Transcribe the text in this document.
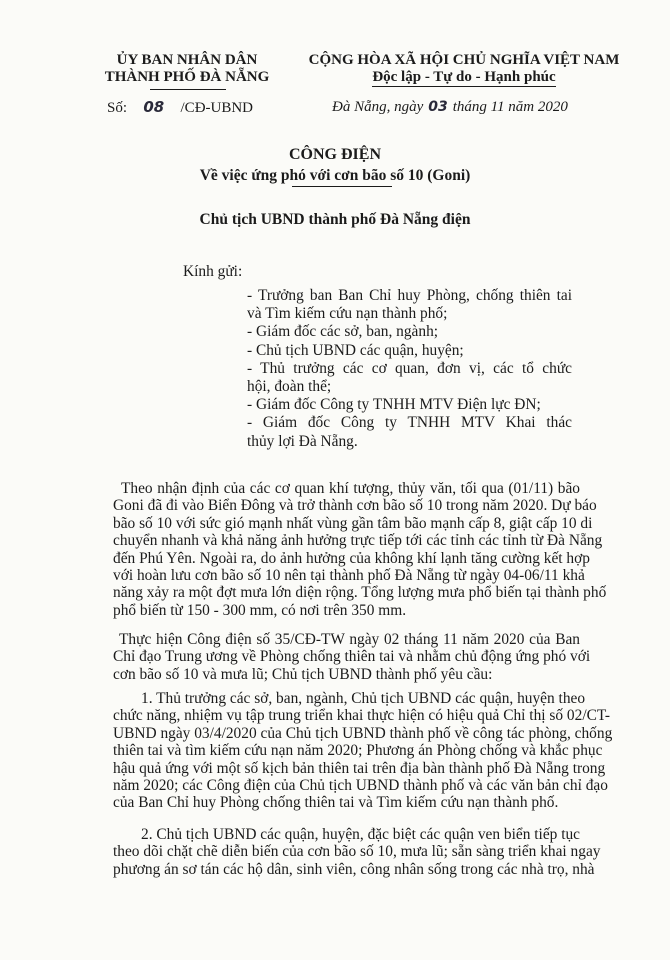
ỦY BAN NHÂN DÂN
THÀNH PHỐ ĐÀ NẴNG
Số: 08 /CĐ-UBND
CỘNG HÒA XÃ HỘI CHỦ NGHĨA VIỆT NAM
Độc lập - Tự do - Hạnh phúc
Đà Nẵng, ngày 03 tháng 11 năm 2020
CÔNG ĐIỆN
Về việc ứng phó với cơn bão số 10 (Goni)
Chủ tịch UBND thành phố Đà Nẵng điện
Kính gửi:
- Trưởng ban Ban Chỉ huy Phòng, chống thiên tai
và Tìm kiếm cứu nạn thành phố;
- Giám đốc các sở, ban, ngành;
- Chủ tịch UBND các quận, huyện;
- Thủ trưởng các cơ quan, đơn vị, các tổ chức
hội, đoàn thể;
- Giám đốc Công ty TNHH MTV Điện lực ĐN;
- Giám đốc Công ty TNHH MTV Khai thác
thủy lợi Đà Nẵng.
Theo nhận định của các cơ quan khí tượng, thủy văn, tối qua (01/11) bão
Goni đã đi vào Biển Đông và trở thành cơn bão số 10 trong năm 2020. Dự báo
bão số 10 với sức gió mạnh nhất vùng gần tâm bão mạnh cấp 8, giật cấp 10 di
chuyển nhanh và khả năng ảnh hưởng trực tiếp tới các tỉnh các tỉnh từ Đà Nẵng
đến Phú Yên. Ngoài ra, do ảnh hưởng của không khí lạnh tăng cường kết hợp
với hoàn lưu cơn bão số 10 nên tại thành phố Đà Nẵng từ ngày 04-06/11 khả
năng xảy ra một đợt mưa lớn diện rộng. Tổng lượng mưa phổ biến tại thành phố
phổ biến từ 150 - 300 mm, có nơi trên 350 mm.
Thực hiện Công điện số 35/CĐ-TW ngày 02 tháng 11 năm 2020 của Ban
Chỉ đạo Trung ương về Phòng chống thiên tai và nhằm chủ động ứng phó với
cơn bão số 10 và mưa lũ; Chủ tịch UBND thành phố yêu cầu:
1. Thủ trưởng các sở, ban, ngành, Chủ tịch UBND các quận, huyện theo
chức năng, nhiệm vụ tập trung triển khai thực hiện có hiệu quả Chỉ thị số 02/CT-
UBND ngày 03/4/2020 của Chủ tịch UBND thành phố về công tác phòng, chống
thiên tai và tìm kiếm cứu nạn năm 2020; Phương án Phòng chống và khắc phục
hậu quả ứng với một số kịch bản thiên tai trên địa bàn thành phố Đà Nẵng trong
năm 2020; các Công điện của Chủ tịch UBND thành phố và các văn bản chỉ đạo
của Ban Chỉ huy Phòng chống thiên tai và Tìm kiếm cứu nạn thành phố.
2. Chủ tịch UBND các quận, huyện, đặc biệt các quận ven biển tiếp tục
theo dõi chặt chẽ diễn biến của cơn bão số 10, mưa lũ; sẵn sàng triển khai ngay
phương án sơ tán các hộ dân, sinh viên, công nhân sống trong các nhà trọ, nhà
